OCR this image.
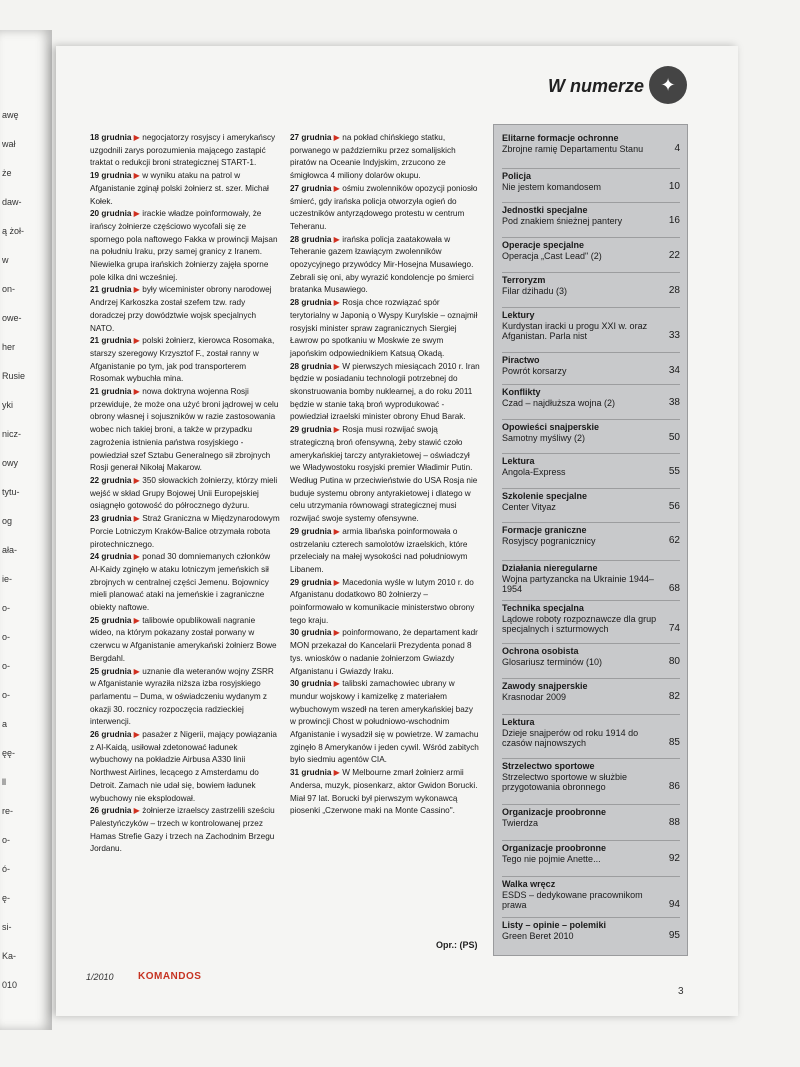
awę
wał
że
daw-
ą żoł-
w
on-
owe-
her
Rusie
yki
nicz-
owy
tytu-
og
ała-
ie-
o-
o-
o-
o-
a
ęę-
ll
re-
o-
ó-
ę-
si-
Ka-
010
W numerze ✦
18 grudnia ▶ negocjatorzy rosyjscy i amerykańscy uzgodnili zarys porozumienia mającego zastąpić traktat o redukcji broni strategicznej START-1.
19 grudnia ▶ w wyniku ataku na patrol w Afganistanie zginął polski żołnierz st. szer. Michał Kołek.
20 grudnia ▶ irackie władze poinformowały, że irańscy żołnierze częściowo wycofali się ze spornego pola naftowego Fakka w prowincji Majsan na południu Iraku, przy samej granicy z Iranem. Niewielka grupa irańskich żołnierzy zajęła sporne pole kilka dni wcześniej.
21 grudnia ▶ były wiceminister obrony narodowej Andrzej Karkoszka został szefem tzw. rady doradczej przy dowództwie wojsk specjalnych NATO.
21 grudnia ▶ polski żołnierz, kierowca Rosomaka, starszy szeregowy Krzysztof F., został ranny w Afganistanie po tym, jak pod transporterem Rosomak wybuchła mina.
21 grudnia ▶ nowa doktryna wojenna Rosji przewiduje, że może ona użyć broni jądrowej w celu obrony własnej i sojuszników w razie zastosowania wobec nich takiej broni, a także w przypadku zagrożenia istnienia państwa rosyjskiego - powiedział szef Sztabu Generalnego sił zbrojnych Rosji generał Nikołaj Makarow.
22 grudnia ▶ 350 słowackich żołnierzy, którzy mieli wejść w skład Grupy Bojowej Unii Europejskiej osiągnęło gotowość do półrocznego dyżuru.
23 grudnia ▶ Straż Graniczna w Międzynarodowym Porcie Lotniczym Kraków-Balice otrzymała robota pirotechnicznego.
24 grudnia ▶ ponad 30 domniemanych członków Al-Kaidy zginęło w ataku lotniczym jemeńskich sił zbrojnych w centralnej części Jemenu. Bojownicy mieli planować ataki na jemeńskie i zagraniczne obiekty naftowe.
25 grudnia ▶ talibowie opublikowali nagranie wideo, na którym pokazany został porwany w czerwcu w Afganistanie amerykański żołnierz Bowe Bergdahl.
25 grudnia ▶ uznanie dla weteranów wojny ZSRR w Afganistanie wyraziła niższa izba rosyjskiego parlamentu – Duma, w oświadczeniu wydanym z okazji 30. rocznicy rozpoczęcia radzieckiej interwencji.
26 grudnia ▶ pasażer z Nigerii, mający powiązania z Al-Kaidą, usiłował zdetonować ładunek wybuchowy na pokładzie Airbusa A330 linii Northwest Airlines, lecącego z Amsterdamu do Detroit. Zamach nie udał się, bowiem ładunek wybuchowy nie eksplodował.
26 grudnia ▶ żołnierze izraelscy zastrzelili sześciu Palestyńczyków – trzech w kontrolowanej przez Hamas Strefie Gazy i trzech na Zachodnim Brzegu Jordanu.
27 grudnia ▶ na pokład chińskiego statku, porwanego w październiku przez somalijskich piratów na Oceanie Indyjskim, zrzucono ze śmigłowca 4 miliony dolarów okupu.
27 grudnia ▶ ośmiu zwolenników opozycji poniosło śmierć, gdy irańska policja otworzyła ogień do uczestników antyrządowego protestu w centrum Teheranu.
28 grudnia ▶ irańska policja zaatakowała w Teheranie gazem łzawiącym zwolenników opozycyjnego przywódcy Mir-Hosejna Musawiego. Zebrali się oni, aby wyrazić kondolencje po śmierci bratanka Musawiego.
28 grudnia ▶ Rosja chce rozwiązać spór terytorialny w Japonią o Wyspy Kurylskie – oznajmił rosyjski minister spraw zagranicznych Siergiej Ławrow po spotkaniu w Moskwie ze swym japońskim odpowiednikiem Katsuą Okadą.
28 grudnia ▶ W pierwszych miesiącach 2010 r. Iran będzie w posiadaniu technologii potrzebnej do skonstruowania bomby nuklearnej, a do roku 2011 będzie w stanie taką broń wyprodukować - powiedział izraelski minister obrony Ehud Barak.
29 grudnia ▶ Rosja musi rozwijać swoją strategiczną broń ofensywną, żeby stawić czoło amerykańskiej tarczy antyrakietowej – oświadczył we Władywostoku rosyjski premier Władimir Putin. Według Putina w przeciwieństwie do USA Rosja nie buduje systemu obrony antyrakietowej i dlatego w celu utrzymania równowagi strategicznej musi rozwijać swoje systemy ofensywne.
29 grudnia ▶ armia libańska poinformowała o ostrzelaniu czterech samolotów izraelskich, które przeleciały na małej wysokości nad południowym Libanem.
29 grudnia ▶ Macedonia wyśle w lutym 2010 r. do Afganistanu dodatkowo 80 żołnierzy – poinformowało w komunikacie ministerstwo obrony tego kraju.
30 grudnia ▶ poinformowano, że departament kadr MON przekazał do Kancelarii Prezydenta ponad 8 tys. wniosków o nadanie żołnierzom Gwiazdy Afganistanu i Gwiazdy Iraku.
30 grudnia ▶ talibski zamachowiec ubrany w mundur wojskowy i kamizelkę z materiałem wybuchowym wszedł na teren amerykańskiej bazy w prowincji Chost w południowo-wschodnim Afganistanie i wysadził się w powietrze. W zamachu zginęło 8 Amerykanów i jeden cywil. Wśród zabitych było siedmiu agentów CIA.
31 grudnia ▶ W Melbourne zmarł żołnierz armii Andersa, muzyk, piosenkarz, aktor Gwidon Borucki. Miał 97 lat. Borucki był pierwszym wykonawcą piosenki „Czerwone maki na Monte Cassino".
Opr.: (PS)
Elitarne formacje ochronne
Zbrojne ramię Departamentu Stanu	4
Policja
Nie jestem komandosem	10
Jednostki specjalne
Pod znakiem śnieżnej pantery	16
Operacje specjalne
Operacja „Cast Lead" (2)	22
Terroryzm
Filar dżihadu (3)	28
Lektury
Kurdystan iracki u progu XXI w. oraz Afganistan. Parla nist	33
Piractwo
Powrót korsarzy	34
Konflikty
Czad – najdłuższa wojna (2)	38
Opowieści snajperskie
Samotny myśliwy (2)	50
Lektura
Angola-Express	55
Szkolenie specjalne
Center Vityaz	56
Formacje graniczne
Rosyjscy pogranicznicy	62
Działania nieregularne
Wojna partyzancka na Ukrainie 1944–1954	68
Technika specjalna
Lądowe roboty rozpoznawcze dla grup specjalnych i szturmowych	74
Ochrona osobista
Glosariusz terminów (10)	80
Zawody snajperskie
Krasnodar 2009	82
Lektura
Dzieje snajperów od roku 1914 do czasów najnowszych	85
Strzelectwo sportowe
Strzelectwo sportowe w służbie przygotowania obronnego	86
Organizacje proobronne
Twierdza	88
Organizacje proobronne
Tego nie pojmie Anette...	92
Walka wręcz
ESDS – dedykowane pracownikom prawa	94
Listy – opinie – polemiki
Green Beret 2010	95
1/2010 KOMANDOS
3
